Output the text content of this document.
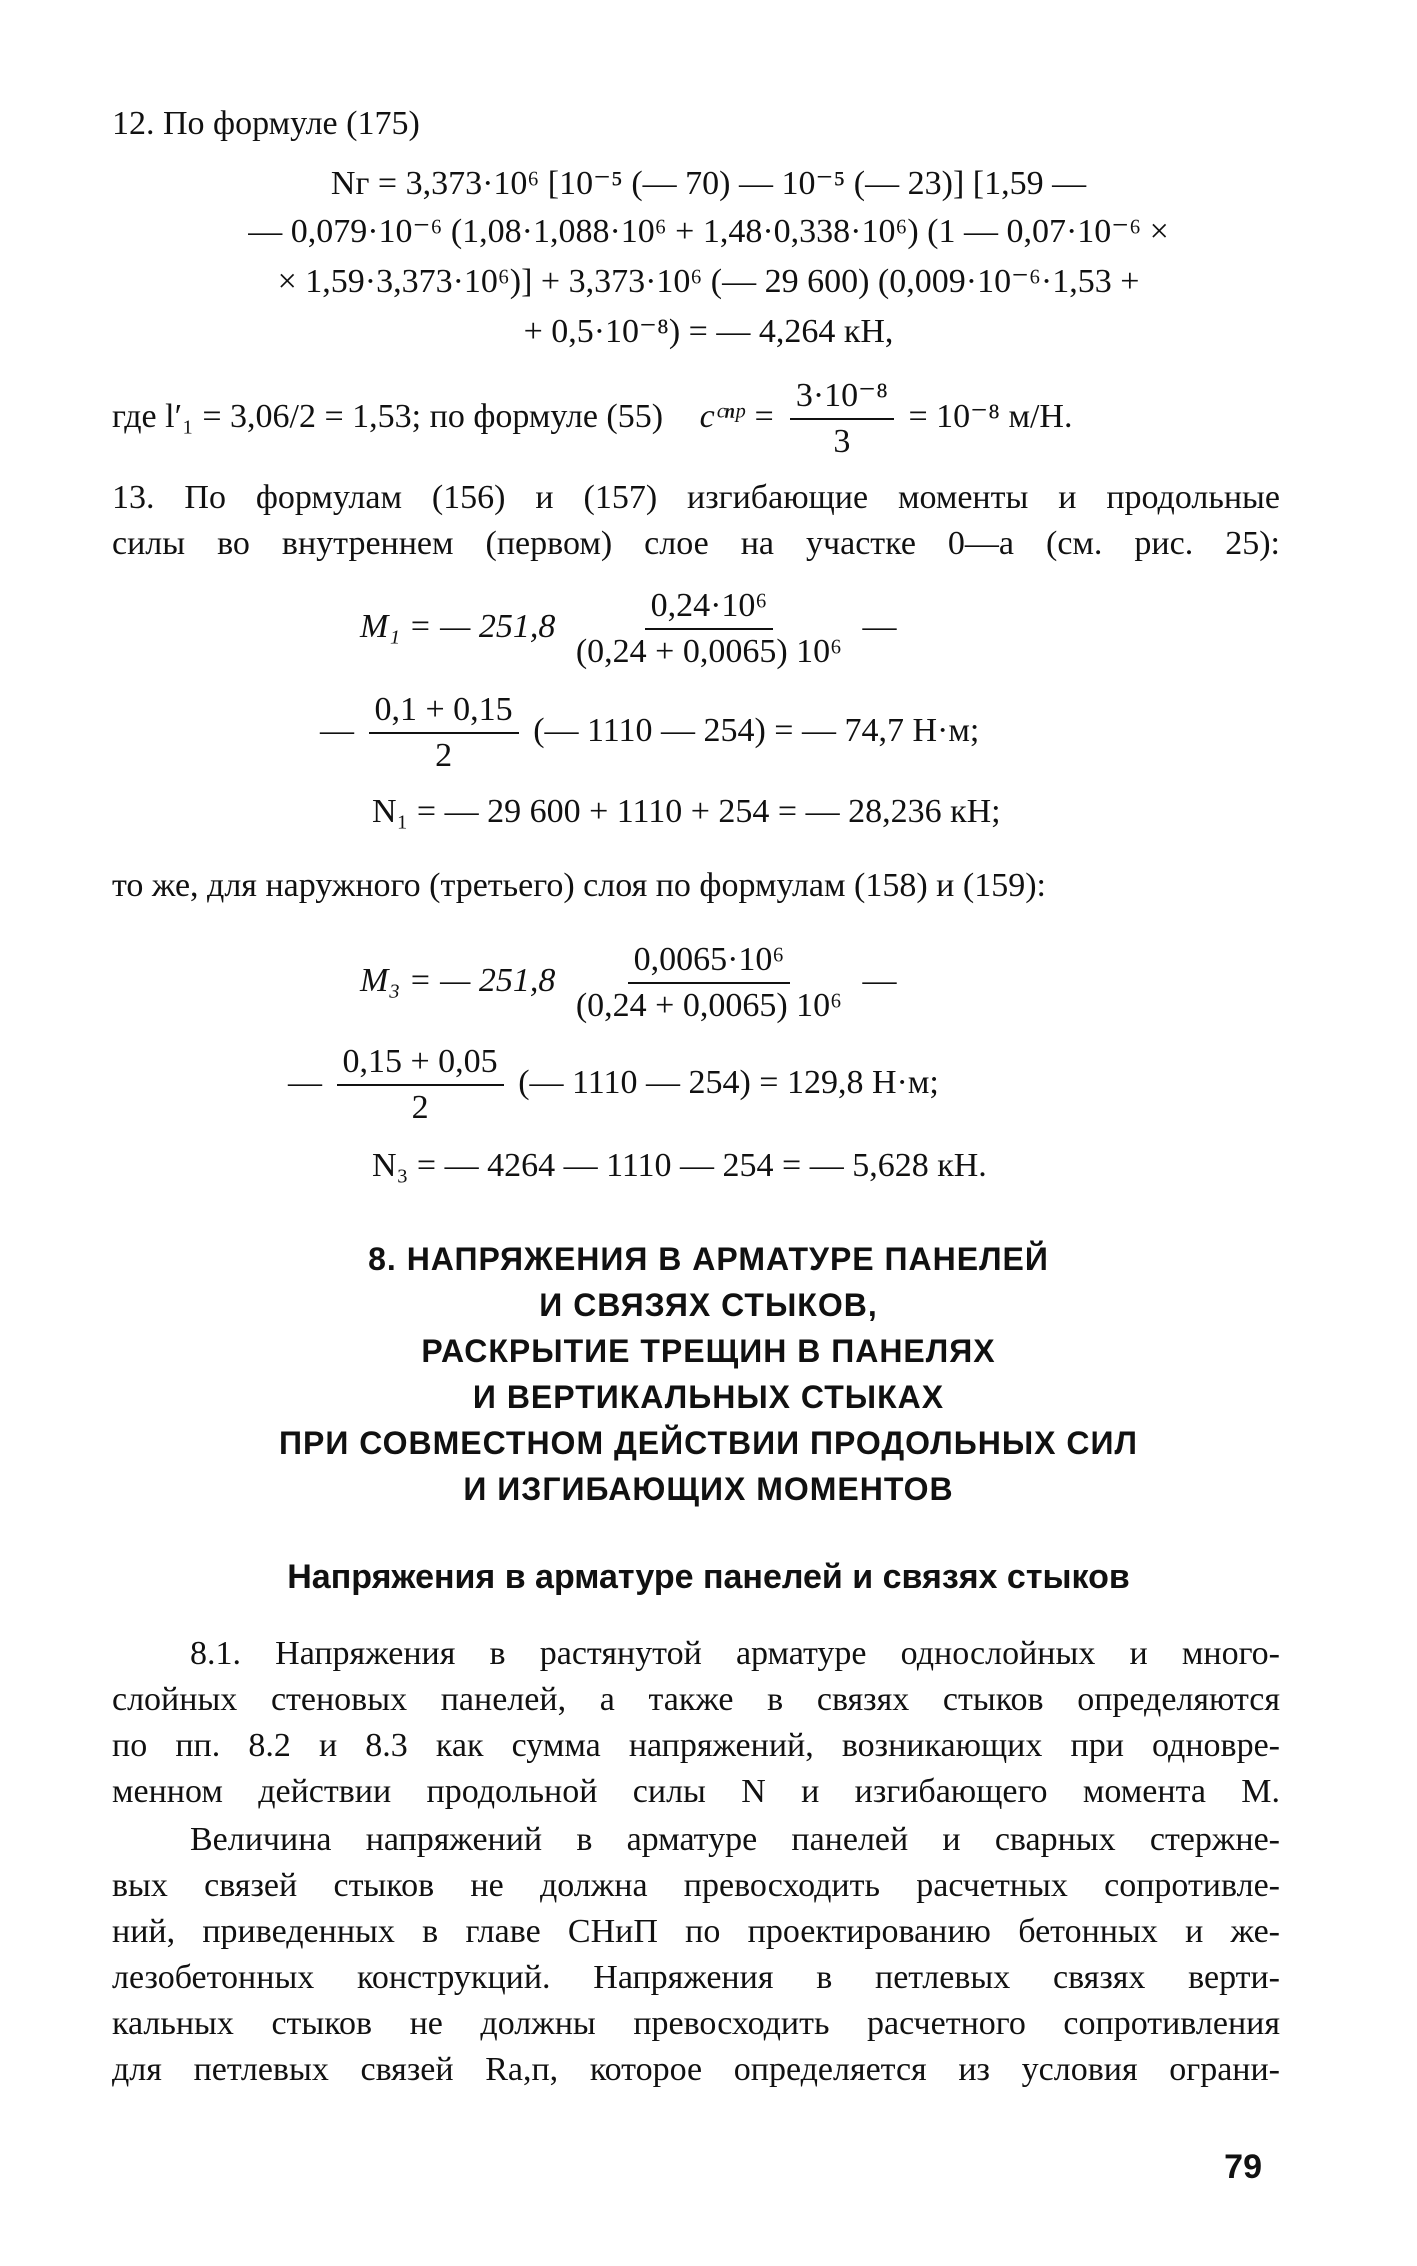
12. По формуле (175)
Nг = 3,373·10⁶ [10⁻⁵ (— 70) — 10⁻⁵ (— 23)] [1,59 —
— 0,079·10⁻⁶ (1,08·1,088·10⁶ + 1,48·0,338·10⁶) (1 — 0,07·10⁻⁶ ×
× 1,59·3,373·10⁶)] + 3,373·10⁶ (— 29 600) (0,009·10⁻⁶·1,53 +
+ 0,5·10⁻⁸) = — 4,264 кН,
где l′₁ = 3,06/2 = 1,53; по формуле (55) cᶜⁿᵖ = $\frac{\text{3·10⁻⁸}}{3} = 10^{-8}$ м/Н.
13. По формулам (156) и (157) изгибающие моменты и продольные
силы во внутреннем (первом) слое на участке 0—a (см. рис. 25):
M₁ = — $251,8 \frac{\text{0,24·10⁶}}{\text{(0,24 + 0,0065) 10⁶}}$ —
— $\frac{0,1 + 0,15}{2}$ (— 1110 — 254) = — 74,7 Н·м;
N₁ = — 29 600 + 1110 + 254 = — 28,236 кН;
то же, для наружного (третьего) слоя по формулам (158) и (159):
M₃ = — $251,8 \frac{\text{0,0065·10⁶}}{\text{(0,24 + 0,0065) 10⁶}}$ —
— $\frac{0,15 + 0,05}{2}$ (— 1110 — 254) = 129,8 Н·м;
N₃ = — 4264 — 1110 — 254 = — 5,628 кН.
8. НАПРЯЖЕНИЯ В АРМАТУРЕ ПАНЕЛЕЙ
И СВЯЗЯХ СТЫКОВ,
РАСКРЫТИЕ ТРЕЩИН В ПАНЕЛЯХ
И ВЕРТИКАЛЬНЫХ СТЫКАХ
ПРИ СОВМЕСТНОМ ДЕЙСТВИИ ПРОДОЛЬНЫХ СИЛ
И ИЗГИБАЮЩИХ МОМЕНТОВ
Напряжения в арматуре панелей и связях стыков
8.1. Напряжения в растянутой арматуре однослойных и много-
слойных стеновых панелей, а также в связях стыков определяются
по пп. 8.2 и 8.3 как сумма напряжений, возникающих при одновре-
менном действии продольной силы N и изгибающего момента M.
Величина напряжений в арматуре панелей и сварных стержне-
вых связей стыков не должна превосходить расчетных сопротивле-
ний, приведенных в главе СНиП по проектированию бетонных и же-
лезобетонных конструкций. Напряжения в петлевых связях верти-
кальных стыков не должны превосходить расчетного сопротивления
для петлевых связей Rа,п, которое определяется из условия ограни-
79
